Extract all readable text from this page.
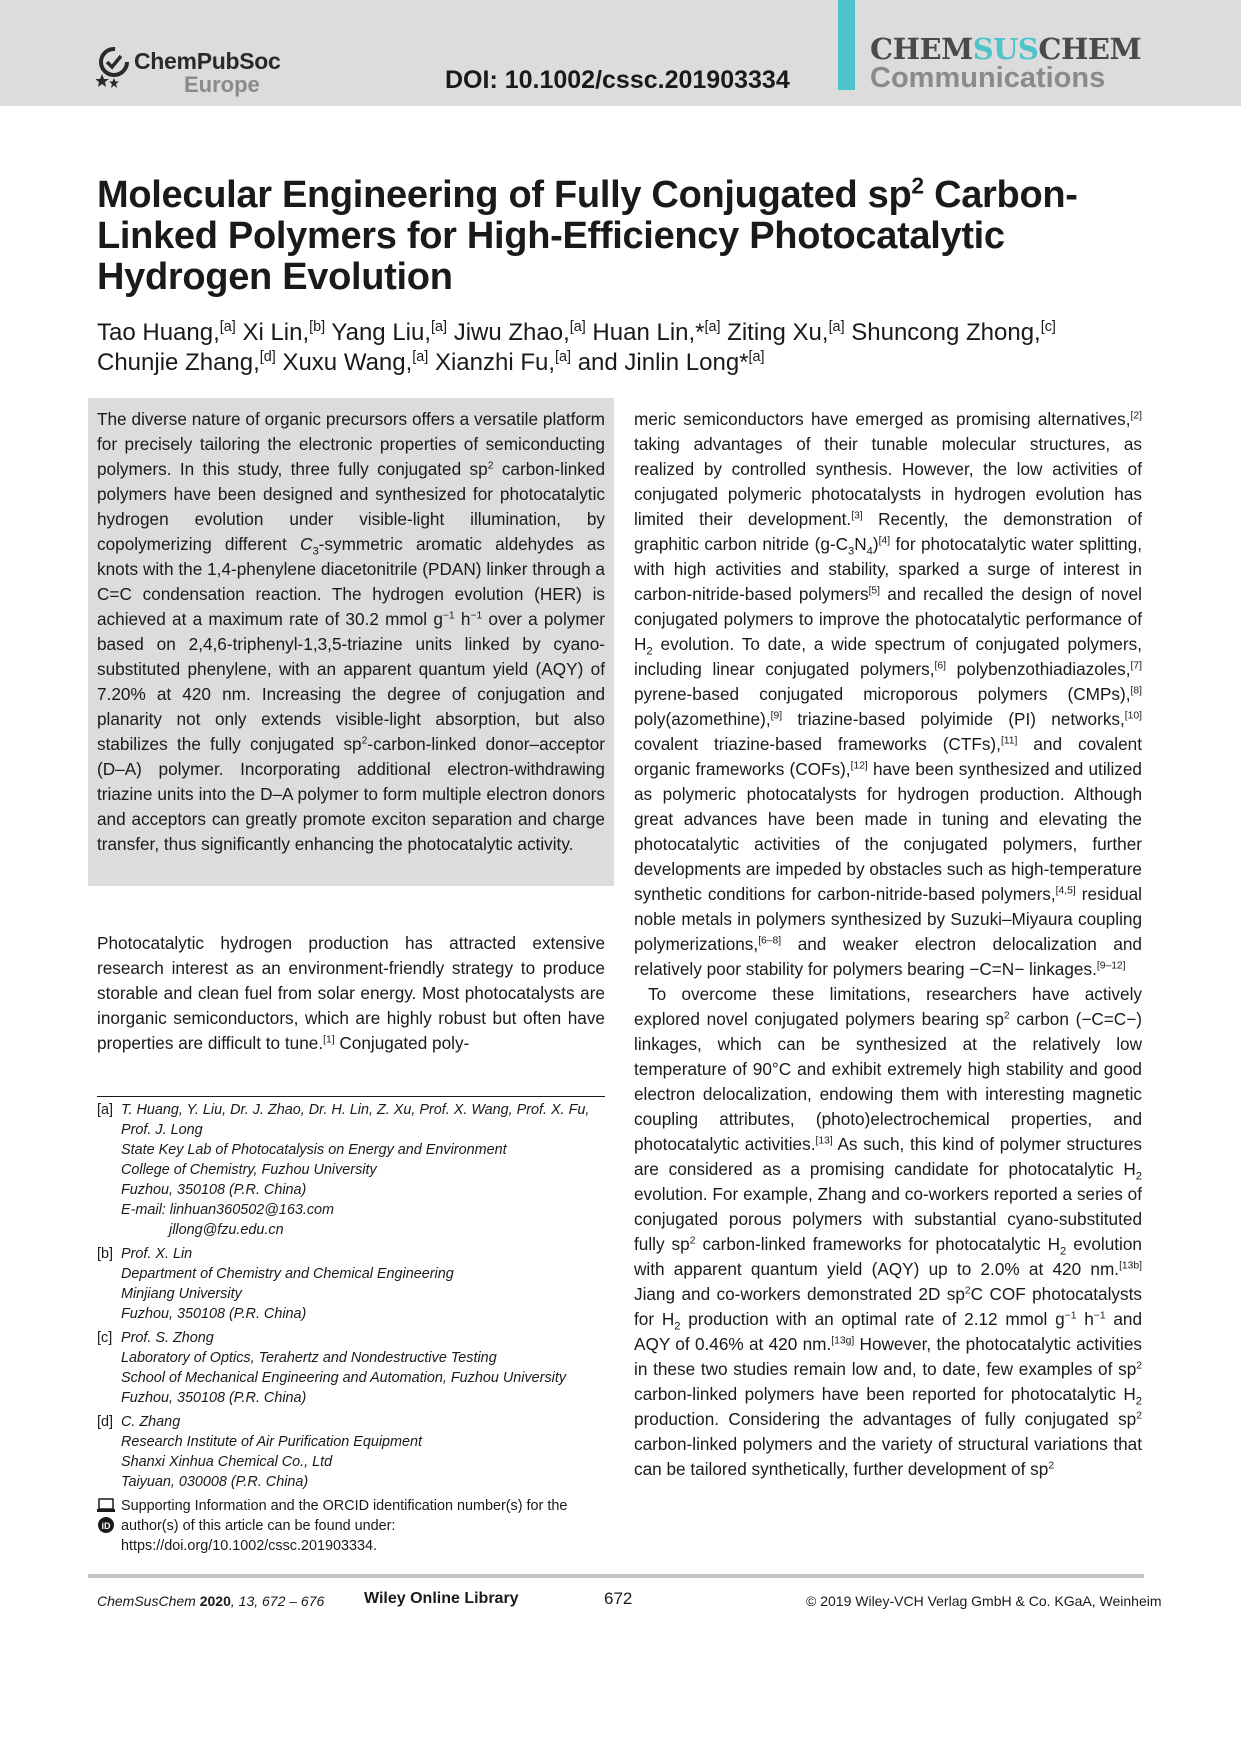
ChemPubSoc
Europe	DOI: 10.1002/cssc.201903334
CHEMSUSCHEM
Communications
Molecular Engineering of Fully Conjugated $sp^2$ Carbon-
Linked Polymers for High-Efficiency Photocatalytic
Hydrogen Evolution
Tao Huang,[a] Xi Lin,[b] Yang Liu,[a] Jiwu Zhao,[a] Huan Lin,*[a] Ziting Xu,[a] Shuncong Zhong,[c]
Chunjie Zhang,[d] Xuxu Wang,[a] Xianzhi Fu,[a] and Jinlin Long*[a]

The diverse nature of organic precursors offers a versatile platform for precisely tailoring the electronic properties of semiconducting polymers. In this study, three fully conjugated $sp^2$ carbon-linked polymers have been designed and synthesized for photocatalytic hydrogen evolution under visible-light illumination, by copolymerizing different $C_3$-symmetric aromatic aldehydes as knots with the 1,4-phenylene diacetonitrile (PDAN) linker through a C=C condensation reaction. The hydrogen evolution (HER) is achieved at a maximum rate of 30.2 mmol $g^{-1}$ $h^{-1}$ over a polymer based on 2,4,6-triphenyl-1,3,5-triazine units linked by cyano-substituted phenylene, with an apparent quantum yield (AQY) of 7.20% at 420 nm. Increasing the degree of conjugation and planarity not only extends visible-light absorption, but also stabilizes the fully conjugated $sp^2-carbon$-linked donor–acceptor (D–A) polymer. Incorporating additional electron-withdrawing triazine units into the D–A polymer to form multiple electron donors and acceptors can greatly promote exciton separation and charge transfer, thus significantly enhancing the photocatalytic activity.

Photocatalytic hydrogen production has attracted extensive research interest as an environment-friendly strategy to produce storable and clean fuel from solar energy. Most photocatalysts are inorganic semiconductors, which are highly robust but often have properties are difficult to tune.[1] Conjugated poly-

[a] T. Huang, Y. Liu, Dr. J. Zhao, Dr. H. Lin, Z. Xu, Prof. X. Wang, Prof. X. Fu,
Prof. J. Long
State Key Lab of Photocatalysis on Energy and Environment
College of Chemistry, Fuzhou University
Fuzhou, 350108 (P.R. China)
E-mail: linhuan360502@163.com
jllong@fzu.edu.cn
[b] Prof. X. Lin
Department of Chemistry and Chemical Engineering
Minjiang University
Fuzhou, 350108 (P.R. China)
[c] Prof. S. Zhong
Laboratory of Optics, Terahertz and Nondestructive Testing
School of Mechanical Engineering and Automation, Fuzhou University
Fuzhou, 350108 (P.R. China)
[d] C. Zhang
Research Institute of Air Purification Equipment
Shanxi Xinhua Chemical Co., Ltd
Taiyuan, 030008 (P.R. China)
iD
Supporting Information and the ORCID identification number(s) for the
author(s) of this article can be found under:
https://doi.org/10.1002/cssc.201903334.

meric semiconductors have emerged as promising alternatives,[2] taking advantages of their tunable molecular structures, as realized by controlled synthesis. However, the low activities of conjugated polymeric photocatalysts in hydrogen evolution has limited their development.[3] Recently, the demonstration of graphitic carbon nitride $(g-C_3N_4)[4]$ for photocatalytic water splitting, with high activities and stability, sparked a surge of interest in carbon-nitride-based polymers[5] and recalled the design of novel conjugated polymers to improve the photocatalytic performance of $H_2$ evolution. To date, a wide spectrum of conjugated polymers, including linear conjugated polymers,[6] polybenzothiadiazoles,[7] pyrene-based conjugated microporous polymers (CMPs),[8] poly(azomethine),[9] triazine-based polyimide (PI) networks,[10] covalent triazine-based frameworks (CTFs),[11] and covalent organic frameworks (COFs),[12] have been synthesized and utilized as polymeric photocatalysts for hydrogen production. Although great advances have been made in tuning and elevating the photocatalytic activities of the conjugated polymers, further developments are impeded by obstacles such as high-temperature synthetic conditions for carbon-nitride-based polymers,[4,5] residual noble metals in polymers synthesized by Suzuki–Miyaura coupling polymerizations,[6–8] and weaker electron delocalization and relatively poor stability for polymers bearing −C=N− linkages.[9–12]

To overcome these limitations, researchers have actively explored novel conjugated polymers bearing $sp^2$ carbon (−C=C−) linkages, which can be synthesized at the relatively low temperature of 90°C and exhibit extremely high stability and good electron delocalization, endowing them with interesting magnetic coupling attributes, (photo)electrochemical properties, and photocatalytic activities.[13] As such, this kind of polymer structures are considered as a promising candidate for photocatalytic $H_2$ evolution. For example, Zhang and co-workers reported a series of conjugated porous polymers with substantial cyano-substituted fully $sp^2$ carbon-linked frameworks for photocatalytic $H_2$ evolution with apparent quantum yield (AQY) up to 2.0% at 420 nm.[13b] Jiang and co-workers demonstrated 2D $sp^2C$ COF photocatalysts for $H_2$ production with an optimal rate of 2.12 mmol $g^{-1}$ $h^{-1}$ and AQY of 0.46% at 420 nm.[13g] However, the photocatalytic activities in these two studies remain low and, to date, few examples of $sp^2$ carbon-linked polymers have been reported for photocatalytic $H_2$ production. Considering the advantages of fully conjugated $sp^2$ carbon-linked polymers and the variety of structural variations that can be tailored synthetically, further development of $sp^2$

ChemSusChem 2020, 13, 672 – 676 Wiley Online Library	672	© 2019 Wiley-VCH Verlag GmbH & Co. KGaA, Weinheim
